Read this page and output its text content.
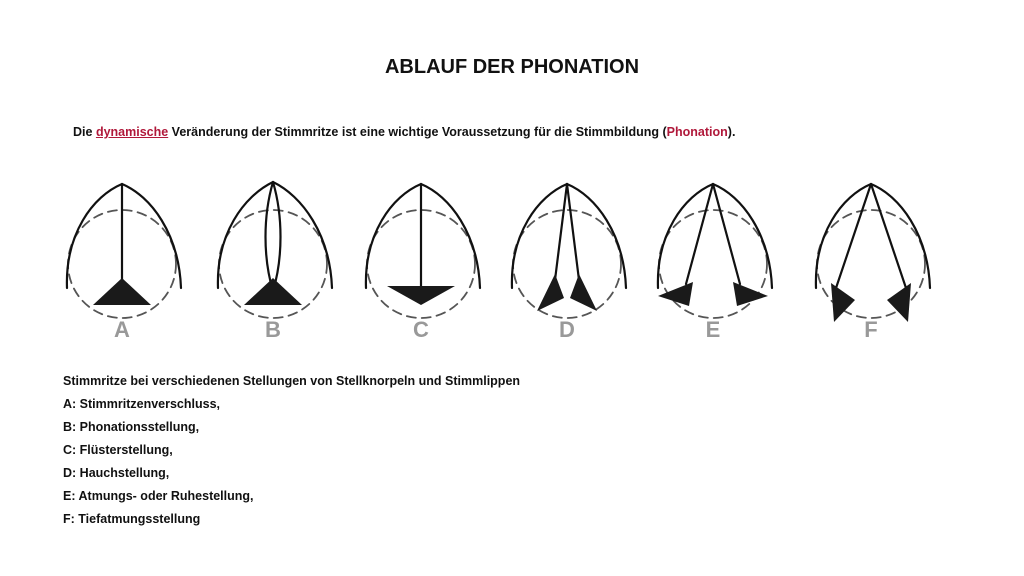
ABLAUF DER PHONATION
Die dynamische Veränderung der Stimmritze ist eine wichtige Voraussetzung für die Stimmbildung (Phonation).
A	B	C	D	E	F
Stimmritze bei verschiedenen Stellungen von Stellknorpeln und Stimmlippen
A: Stimmritzenverschluss,
B: Phonationsstellung,
C: Flüsterstellung,
D: Hauchstellung,
E: Atmungs- oder Ruhestellung,
F: Tiefatmungsstellung
